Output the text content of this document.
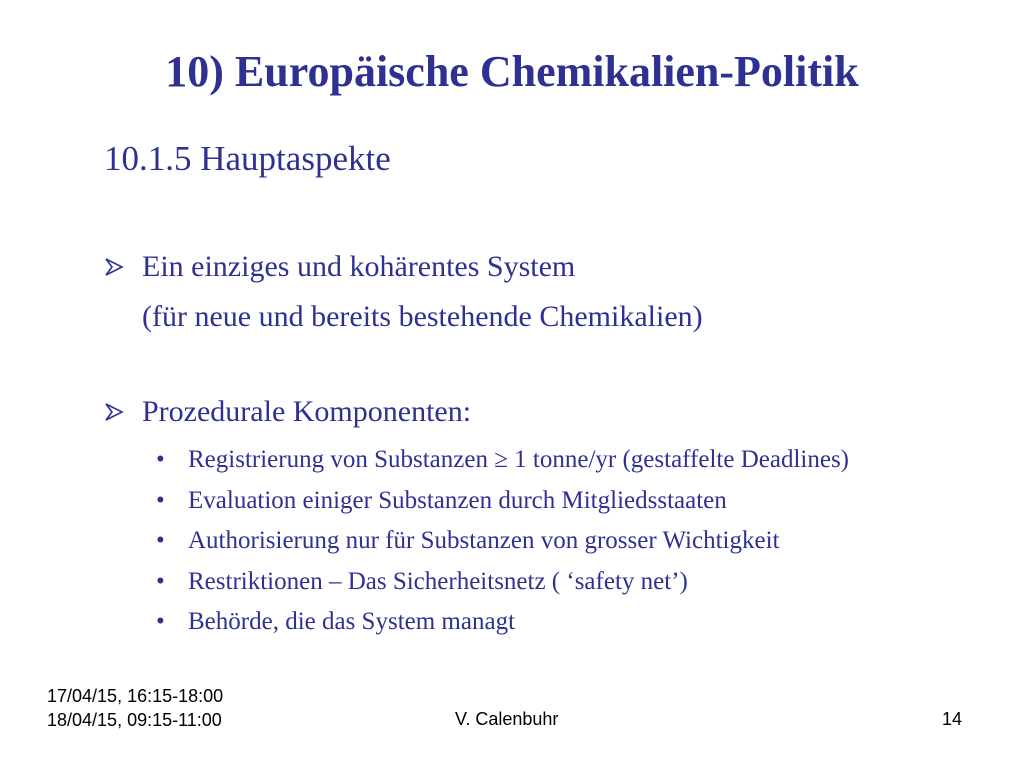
10) Europäische Chemikalien-Politik
10.1.5 Hauptaspekte
Ein einziges und kohärentes System
(für neue und bereits bestehende Chemikalien)
Prozedurale Komponenten:
• Registrierung von Substanzen ≥ 1 tonne/yr (gestaffelte Deadlines)
• Evaluation einiger Substanzen durch Mitgliedsstaaten
• Authorisierung nur für Substanzen von grosser Wichtigkeit
• Restriktionen – Das Sicherheitsnetz ( ‘safety net’)
• Behörde, die das System managt
17/04/15, 16:15-18:00
18/04/15, 09:15-11:00	V. Calenbuhr	14
